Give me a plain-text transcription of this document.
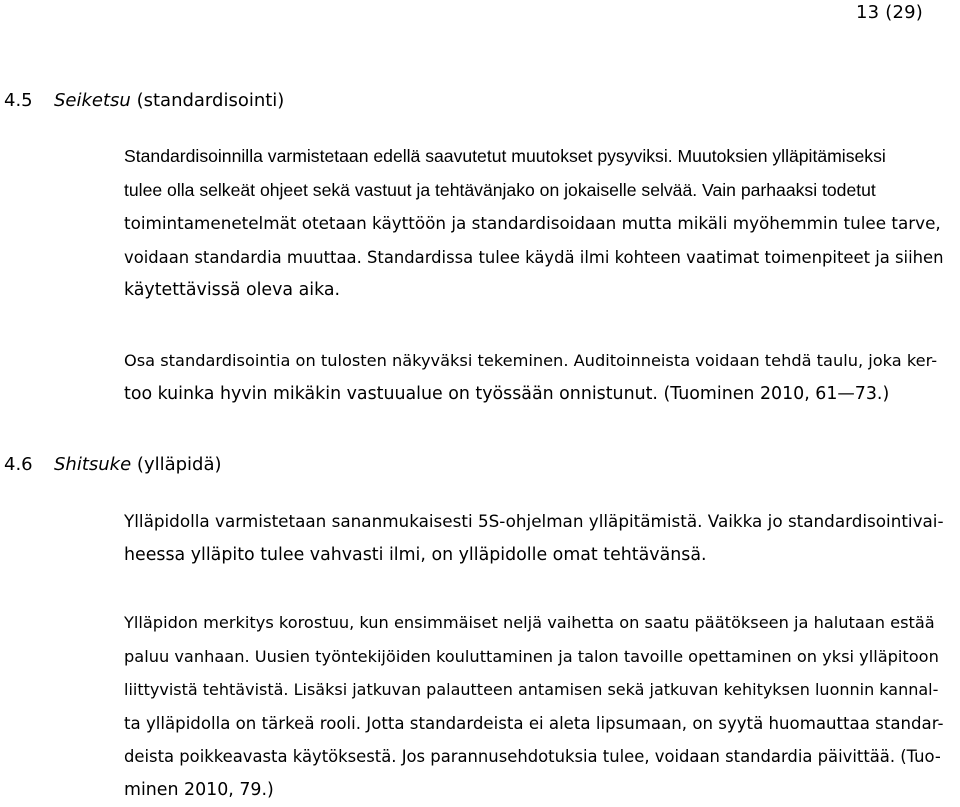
13 (29)
4.5 Seiketsu (standardisointi)
Standardisoinnilla varmistetaan edellä saavutetut muutokset pysyviksi. Muutoksien ylläpitämiseksi
tulee olla selkeät ohjeet sekä vastuut ja tehtävänjako on jokaiselle selvää. Vain parhaaksi todetut
toimintamenetelmät otetaan käyttöön ja standardisoidaan mutta mikäli myöhemmin tulee tarve,
voidaan standardia muuttaa. Standardissa tulee käydä ilmi kohteen vaatimat toimenpiteet ja siihen
käytettävissä oleva aika.
Osa standardisointia on tulosten näkyväksi tekeminen. Auditoinneista voidaan tehdä taulu, joka ker-
too kuinka hyvin mikäkin vastuualue on työssään onnistunut. (Tuominen 2010, 61—73.)
4.6 Shitsuke (ylläpidä)
Ylläpidolla varmistetaan sananmukaisesti 5S-ohjelman ylläpitämistä. Vaikka jo standardisointivai-
heessa ylläpito tulee vahvasti ilmi, on ylläpidolle omat tehtävänsä.
Ylläpidon merkitys korostuu, kun ensimmäiset neljä vaihetta on saatu päätökseen ja halutaan estää
paluu vanhaan. Uusien työntekijöiden kouluttaminen ja talon tavoille opettaminen on yksi ylläpitoon
liittyvistä tehtävistä. Lisäksi jatkuvan palautteen antamisen sekä jatkuvan kehityksen luonnin kannal-
ta ylläpidolla on tärkeä rooli. Jotta standardeista ei aleta lipsumaan, on syytä huomauttaa standar-
deista poikkeavasta käytöksestä. Jos parannusehdotuksia tulee, voidaan standardia päivittää. (Tuo-
minen 2010, 79.)
